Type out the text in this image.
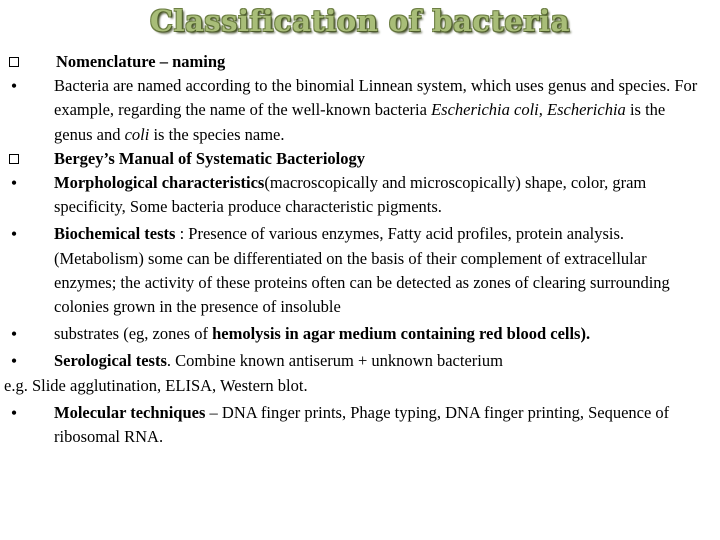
Classification of bacteria
Nomenclature – naming
•	Bacteria are named according to the binomial Linnean system, which uses genus and species. For example, regarding the name of the well-known bacteria Escherichia coli, Escherichia is the genus and coli is the species name.
Bergey’s Manual of Systematic Bacteriology
•	Morphological characteristics(macroscopically and microscopically) shape, color, gram specificity, Some bacteria produce characteristic pigments.
•	Biochemical tests : Presence of various enzymes, Fatty acid profiles, protein analysis. (Metabolism) some can be differentiated on the basis of their complement of extracellular enzymes; the activity of these proteins often can be detected as zones of clearing surrounding colonies grown in the presence of insoluble
•	substrates (eg, zones of hemolysis in agar medium containing red blood cells).
•	Serological tests. Combine known antiserum + unknown bacterium
e.g. Slide agglutination, ELISA, Western blot.
•	Molecular techniques – DNA finger prints, Phage typing, DNA finger printing, Sequence of ribosomal RNA.
